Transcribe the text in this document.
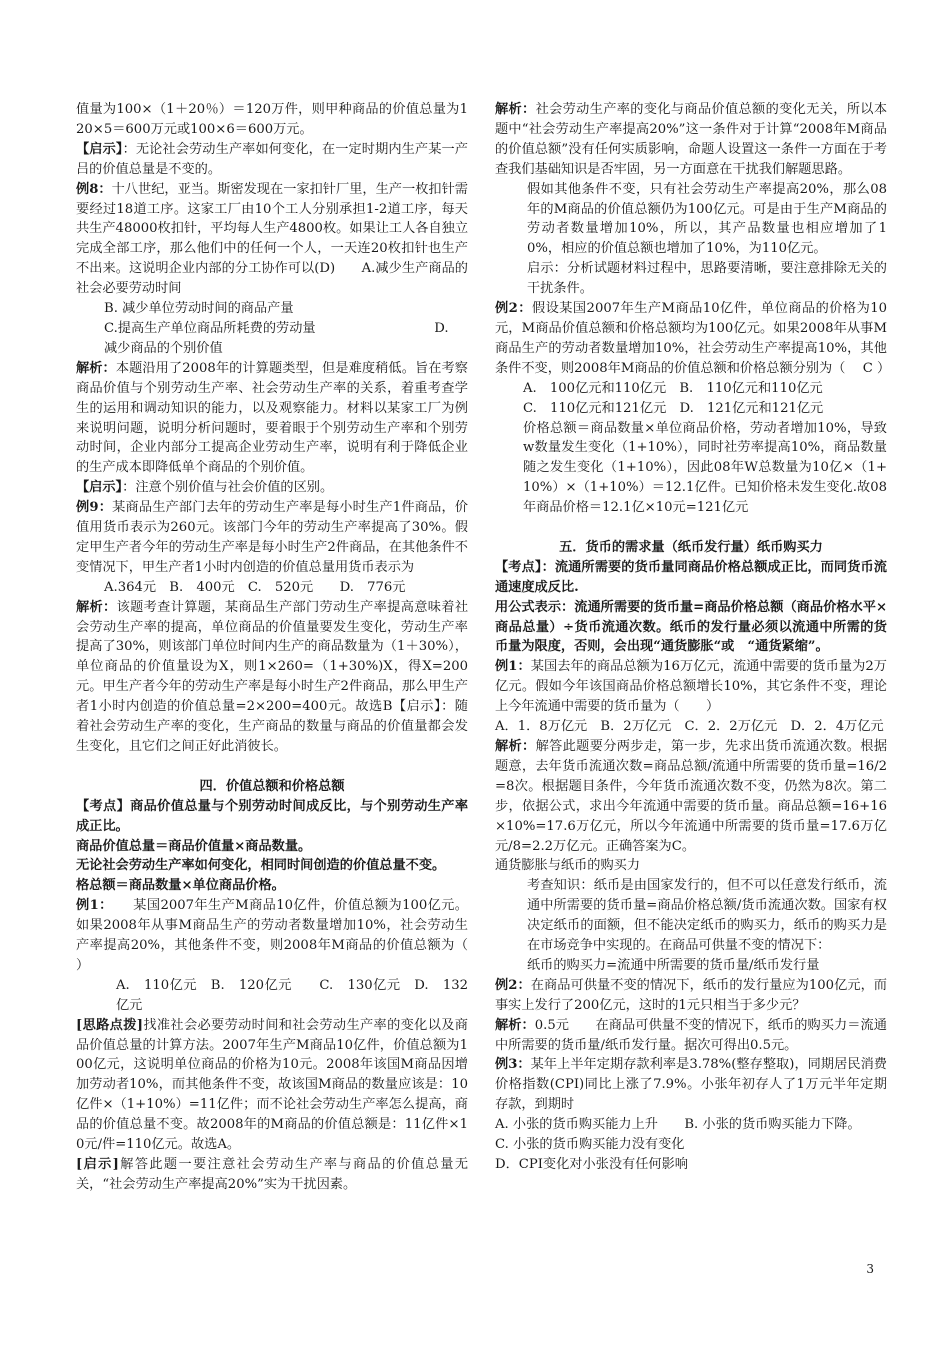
值量为100×（1＋20％）＝120万件，则甲种商品的价值总量为120×5＝600万元或100×6＝600万元。

【启示】：无论社会劳动生产率如何变化，在一定时期内生产某一产吕的价值总量是不变的。

例8：十八世纪，亚当。斯密发现在一家扣针厂里，生产一枚扣针需要经过18道工序。这家工厂由10个工人分别承担1-2道工序，每天共生产48000枚扣针，平均每人生产4800枚。如果让工人各自独立完成全部工序，那么他们中的任何一个人，一天连20枚扣针也生产不出来。这说明企业内部的分工协作可以(D)　　A.减少生产商品的社会必要劳动时间

B. 减少单位劳动时间的商品产量

C.提高生产单位商品所耗费的劳动量　　　　　　　　　D.

减少商品的个别价值

解析：本题沿用了2008年的计算题类型，但是难度稍低。旨在考察商品价值与个别劳动生产率、社会劳动生产率的关系，着重考查学生的运用和调动知识的能力，以及观察能力。材料以某家工厂为例来说明问题，说明分析问题时，要着眼于个别劳动生产率和个别劳动时间，企业内部分工提高企业劳动生产率，说明有利于降低企业的生产成本即降低单个商品的个别价值。

【启示】：注意个别价值与社会价值的区别。

例9：某商品生产部门去年的劳动生产率是每小时生产1件商品，价值用货币表示为260元。该部门今年的劳动生产率提高了30%。假定甲生产者今年的劳动生产率是每小时生产2件商品，在其他条件不变情况下，甲生产者1小时内创造的价值总量用货币表示为

A.364元　B.　400元　C.　520元　　D.　776元

解析：该题考查计算题，某商品生产部门劳动生产率提高意味着社会劳动生产率的提高，单位商品的价值量要发生变化，劳动生产率提高了30%，则该部门单位时间内生产的商品数量为（1＋30%），单位商品的价值量设为X，则1×260=（1+30%)X，得X=200元。甲生产者今年的劳动生产率是每小时生产2件商品，那么甲生产者1小时内创造的价值总量=2×200=400元。故选B【启示】：随着社会劳动生产率的变化，生产商品的数量与商品的价值量都会发生变化，且它们之间正好此消彼长。

四．价值总额和价格总额

【考点】商品价值总量与个别劳动时间成反比，与个别劳动生产率成正比。

商品价值总量＝商品价值量×商品数量。

无论社会劳动生产率如何变化，相同时间创造的价值总量不变。

格总额＝商品数量×单位商品价格。

例1：　　某国2007年生产M商品10亿件，价值总额为100亿元。如果2008年从事M商品生产的劳动者数量增加10%，社会劳动生产率提高20%，其他条件不变，则2008年M商品的价值总额为（　　）

A.　110亿元　B.　120亿元　　C.　130亿元　D.　132亿元

[思路点拨]找准社会必要劳动时间和社会劳动生产率的变化以及商品价值总量的计算方法。2007年生产M商品10亿件，价值总额为100亿元，这说明单位商品的价格为10元。2008年该国M商品因增加劳动者10%，而其他条件不变，故该国M商品的数量应该是：10亿件×（1+10%）=11亿件；而不论社会劳动生产率怎么提高，商品的价值总量不变。故2008年的M商品的价值总额是：11亿件×10元/件=110亿元。故选A。

[启示]解答此题一要注意社会劳动生产率与商品的价值总量无关，“社会劳动生产率提高20%”实为干扰因素。

解析：社会劳动生产率的变化与商品价值总额的变化无关，所以本题中“社会劳动生产率提高20%”这一条件对于计算“2008年M商品的价值总额”没有任何实质影响，命题人设置这一条件一方面在于考查我们基础知识是否牢固，另一方面意在干扰我们解题思路。

假如其他条件不变，只有社会劳动生产率提高20%，那么08年的M商品的价值总额仍为100亿元。可是由于生产M商品的劳动者数量增加10%，所以，其产品数量也相应增加了10%，相应的价值总额也增加了10%，为110亿元。

启示：分析试题材料过程中，思路要清晰，要注意排除无关的干扰条件。

例2：假设某国2007年生产M商品10亿件，单位商品的价格为10元，M商品价值总额和价格总额均为100亿元。如果2008年从事M商品生产的劳动者数量增加10%，社会劳动生产率提高10%，其他条件不变，则2008年M商品的价值总额和价格总额分别为（　 C ）

A.　100亿元和110亿元　B.　110亿元和110亿元

C.　110亿元和121亿元　D.　121亿元和121亿元

价格总额＝商品数量×单位商品价格，劳动者增加10%，导致w数量发生变化（1+10%），同时社劳率提高10%，商品数量随之发生变化（1+10%），因此08年W总数量为10亿×（1+10%）×（1+10%）＝12.1亿件。已知价格未发生变化.故08年商品价格＝12.1亿×10元=121亿元

五．货币的需求量（纸币发行量）纸币购买力

【考点】：流通所需要的货币量同商品价格总额成正比，而同货币流通速度成反比.

用公式表示：流通所需要的货币量=商品价格总额（商品价格水平×商品总量）÷货币流通次数。纸币的发行量必须以流通中所需的货币量为限度，否则，会出现“通货膨胀“或　“通货紧缩”。

例1：某国去年的商品总额为16万亿元，流通中需要的货币量为2万亿元。假如今年该国商品价格总额增长10%，其它条件不变，理论上今年流通中需要的货币量为（　　）

A．1．8万亿元　B．2万亿元　C．2．2万亿元　D．2．4万亿元

解析：解答此题要分两步走，第一步，先求出货币流通次数。根据题意，去年货币流通次数=商品总额/流通中所需要的货币量=16/2=8次。根据题目条件，今年货币流通次数不变，仍然为8次。第二步，依据公式，求出今年流通中需要的货币量。商品总额=16+16×10%=17.6万亿元，所以今年流通中所需要的货币量=17.6万亿元/8=2.2万亿元。正确答案为C。

通货膨胀与纸币的购买力

考查知识：纸币是由国家发行的，但不可以任意发行纸币，流通中所需要的货币量=商品价格总额/货币流通次数。国家有权决定纸币的面额，但不能决定纸币的购买力，纸币的购买力是在市场竞争中实现的。在商品可供量不变的情况下：

纸币的购买力=流通中所需要的货币量/纸币发行量

例2：在商品可供量不变的情况下，纸币的发行量应为100亿元，而事实上发行了200亿元，这时的1元只相当于多少元？

解析：0.5元　　在商品可供量不变的情况下，纸币的购买力＝流通中所需要的货币量/纸币发行量。据次可得出0.5元。

例3：某年上半年定期存款利率是3.78%(整存整取)，同期居民消费价格指数(CPI)同比上涨了7.9%。小张年初存人了1万元半年定期存款，到期时

A. 小张的货币购买能力上升　　B. 小张的货币购买能力下降。

C. 小张的货币购买能力没有变化

D．CPI变化对小张没有任何影响

3
